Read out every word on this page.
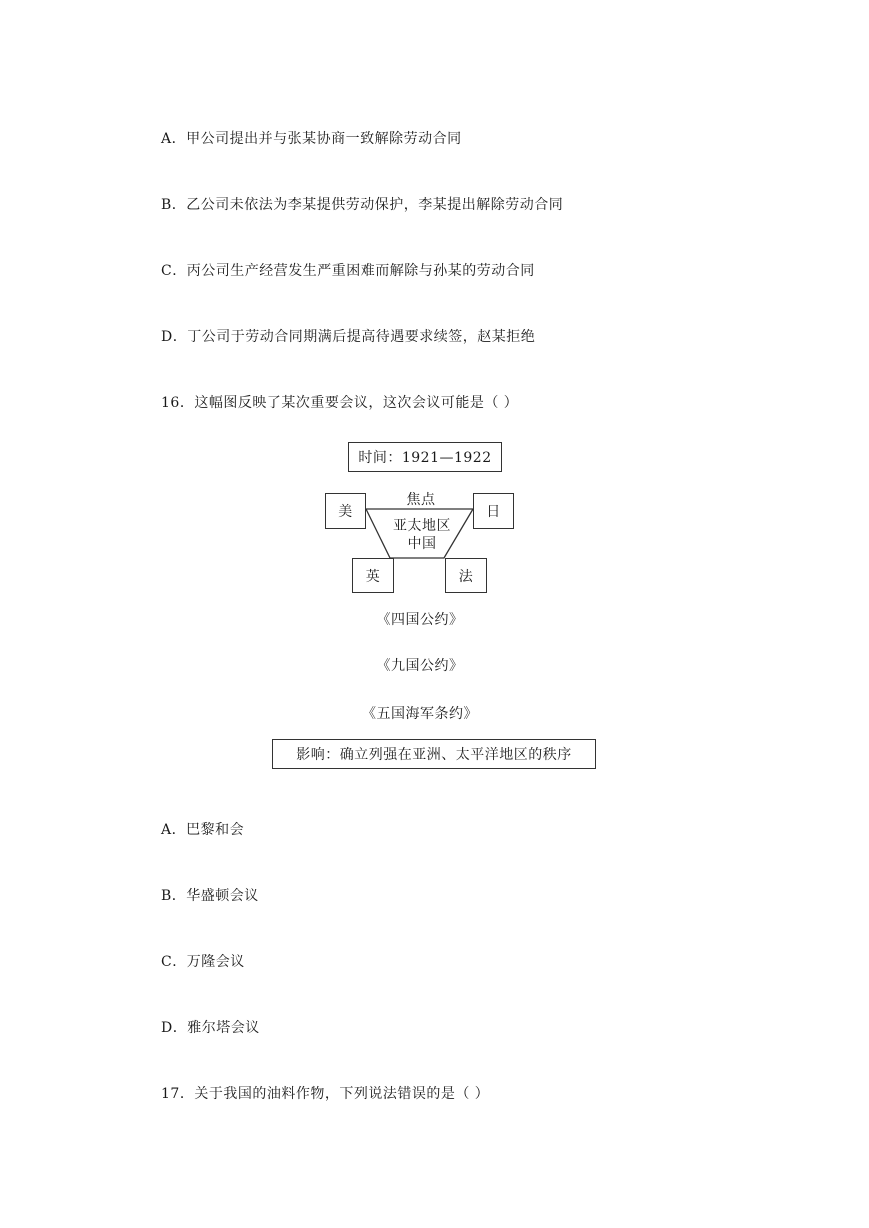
A．甲公司提出并与张某协商一致解除劳动合同
B．乙公司未依法为李某提供劳动保护，李某提出解除劳动合同
C．丙公司生产经营发生严重困难而解除与孙某的劳动合同
D．丁公司于劳动合同期满后提高待遇要求续签，赵某拒绝
16．这幅图反映了某次重要会议，这次会议可能是（ ）
时间：1921—1922
焦点
美	日
亚太地区
中国
英	法
《四国公约》
《九国公约》
《五国海军条约》
影响：确立列强在亚洲、太平洋地区的秩序
A．巴黎和会
B．华盛顿会议
C．万隆会议
D．雅尔塔会议
17．关于我国的油料作物，下列说法错误的是（ ）
